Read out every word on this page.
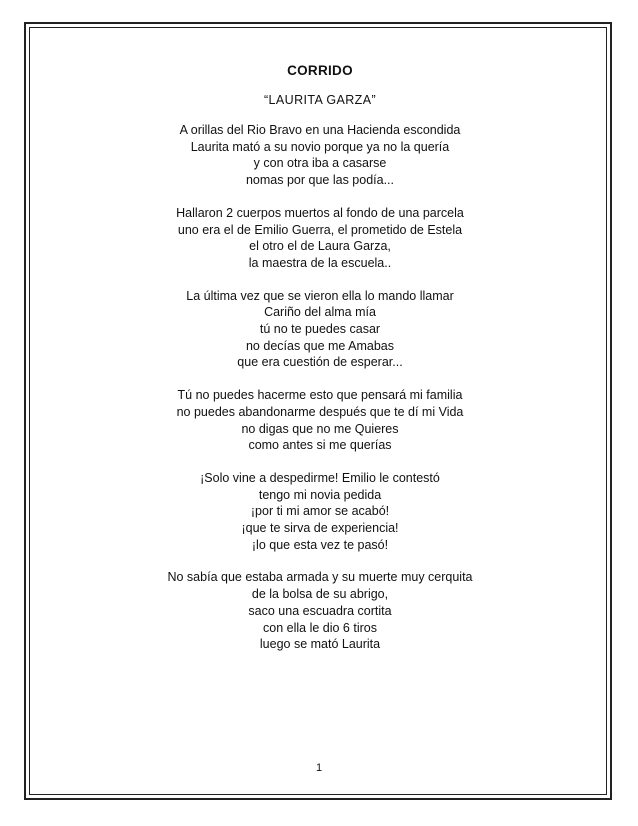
CORRIDO

“LAURITA GARZA”

A orillas del Rio Bravo en una Hacienda escondida
Laurita mató a su novio porque ya no la quería
y con otra iba a casarse
nomas por que las podía...
Hallaron 2 cuerpos muertos al fondo de una parcela
uno era el de Emilio Guerra, el prometido de Estela
el otro el de Laura Garza,
la maestra de la escuela..
La última vez que se vieron ella lo mando llamar
Cariño del alma mía
tú no te puedes casar
no decías que me Amabas
que era cuestión de esperar...
Tú no puedes hacerme esto que pensará mi familia
no puedes abandonarme después que te dí mi Vida
no digas que no me Quieres
como antes si me querías
¡Solo vine a despedirme! Emilio le contestó
tengo mi novia pedida
¡por ti mi amor se acabó!
¡que te sirva de experiencia!
¡lo que esta vez te pasó!
No sabía que estaba armada y su muerte muy cerquita
de la bolsa de su abrigo,
saco una escuadra cortita
con ella le dio 6 tiros
luego se mató Laurita
1
